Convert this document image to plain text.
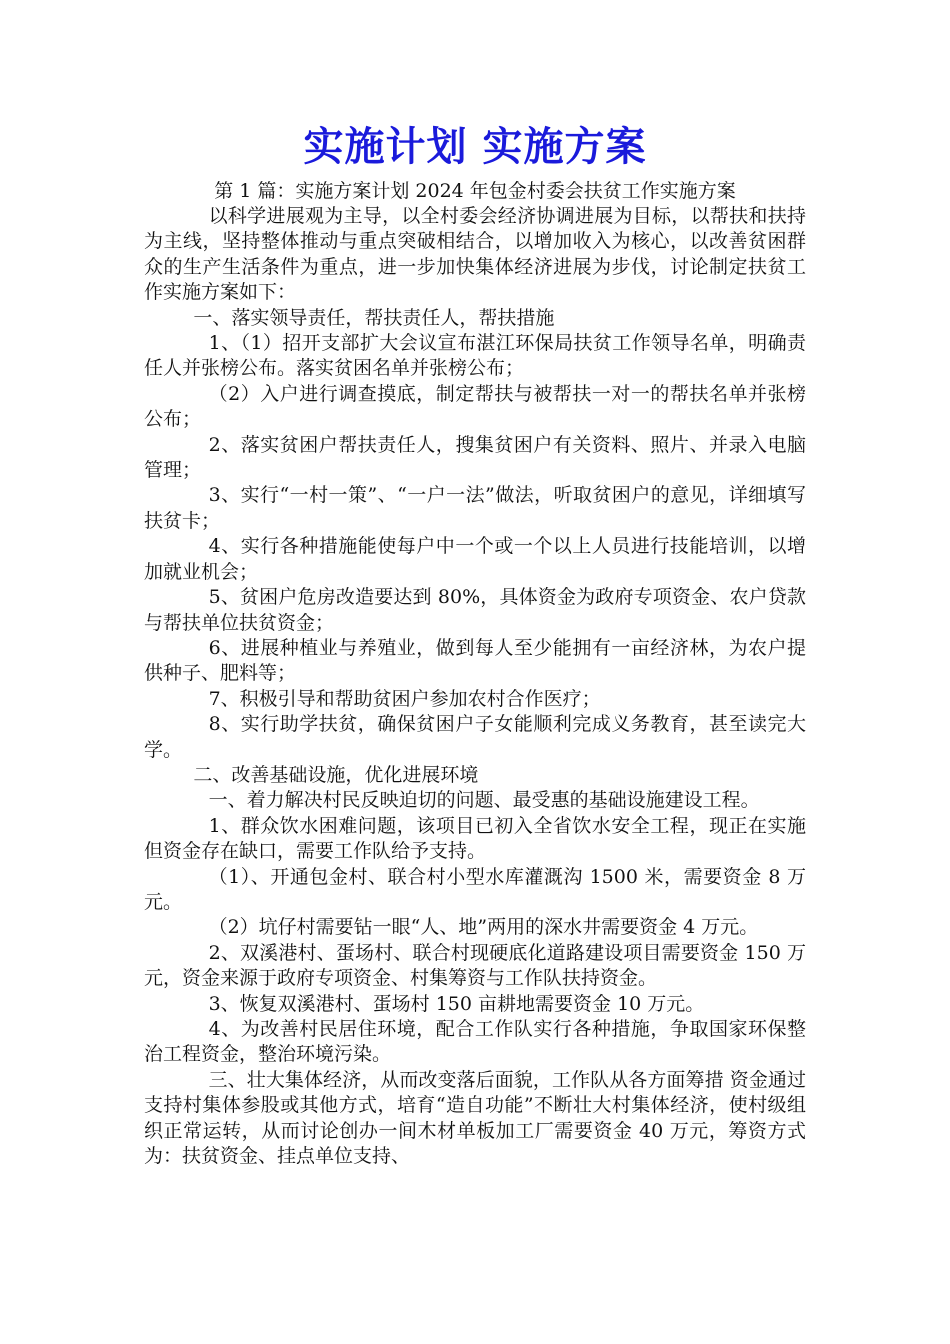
实施计划 实施方案
第 1 篇：实施方案计划 2024 年包金村委会扶贫工作实施方案

以科学进展观为主导，以全村委会经济协调进展为目标，以帮扶和扶持为主线，坚持整体推动与重点突破相结合，以增加收入为核心，以改善贫困群众的生产生活条件为重点，进一步加快集体经济进展为步伐，讨论制定扶贫工作实施方案如下：

一、落实领导责任，帮扶责任人，帮扶措施

1、（1）招开支部扩大会议宣布湛江环保局扶贫工作领导名单，明确责任人并张榜公布。落实贫困名单并张榜公布；

（2）入户进行调查摸底，制定帮扶与被帮扶一对一的帮扶名单并张榜公布；

2、落实贫困户帮扶责任人，搜集贫困户有关资料、照片、并录入电脑管理；

3、实行“一村一策”、“一户一法”做法，听取贫困户的意见，详细填写扶贫卡；

4、实行各种措施能使每户中一个或一个以上人员进行技能培训，以增加就业机会；

5、贫困户危房改造要达到 80%，具体资金为政府专项资金、农户贷款与帮扶单位扶贫资金；

6、进展种植业与养殖业，做到每人至少能拥有一亩经济林，为农户提供种子、肥料等；

7、积极引导和帮助贫困户参加农村合作医疗；

8、实行助学扶贫，确保贫困户子女能顺利完成义务教育，甚至读完大学。

二、改善基础设施，优化进展环境

一、着力解决村民反映迫切的问题、最受惠的基础设施建设工程。

1、群众饮水困难问题，该项目已初入全省饮水安全工程，现正在实施但资金存在缺口，需要工作队给予支持。

（1）、开通包金村、联合村小型水库灌溉沟 1500 米，需要资金 8 万元。

（2）坑仔村需要钻一眼“人、地”两用的深水井需要资金 4 万元。

2、双溪港村、蛋场村、联合村现硬底化道路建设项目需要资金 150 万元，资金来源于政府专项资金、村集筹资与工作队扶持资金。

3、恢复双溪港村、蛋场村 150 亩耕地需要资金 10 万元。

4、为改善村民居住环境，配合工作队实行各种措施，争取国家环保整治工程资金，整治环境污染。

三、壮大集体经济，从而改变落后面貌，工作队从各方面筹措 资金通过支持村集体参股或其他方式，培育“造自功能”不断壮大村集体经济，使村级组织正常运转，从而讨论创办一间木材单板加工厂需要资金 40 万元，筹资方式为：扶贫资金、挂点单位支持、
